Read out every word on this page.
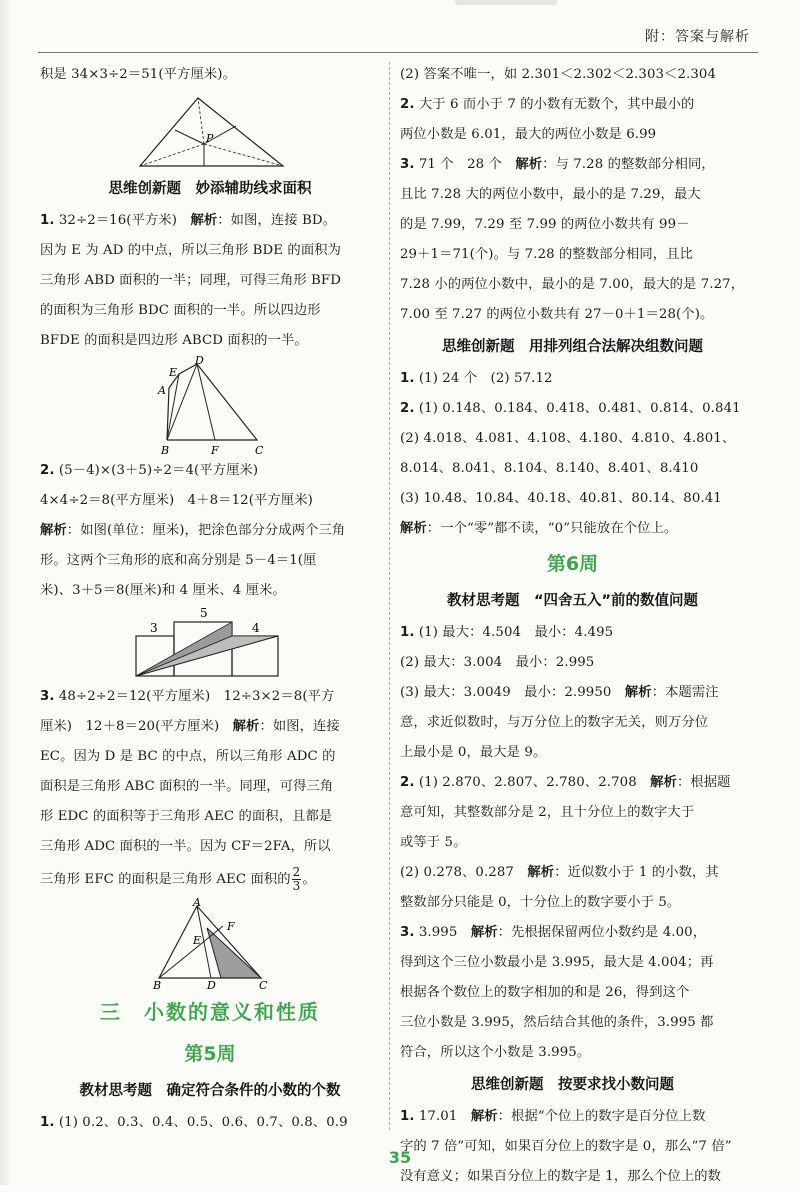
附：答案与解析
积是 34×3÷2＝51(平方厘米)。
P
思维创新题　妙添辅助线求面积
1. 32÷2＝16(平方米)　解析：如图，连接 BD。
因为 E 为 AD 的中点，所以三角形 BDE 的面积为
三角形 ABD 面积的一半；同理，可得三角形 BFD
的面积为三角形 BDC 面积的一半。所以四边形
BFDE 的面积是四边形 ABCD 面积的一半。
A
E
D
B	F	C
2. (5－4)×(3＋5)÷2＝4(平方厘米)
4×4÷2＝8(平方厘米)　4＋8＝12(平方厘米)
解析：如图(单位：厘米)，把涂色部分分成两个三角
形。这两个三角形的底和高分别是 5－4＝1(厘
米)、3＋5＝8(厘米)和 4 厘米、4 厘米。
5
3	4
3. 48÷2÷2＝12(平方厘米)　12÷3×2＝8(平方
厘米)　12＋8＝20(平方厘米)　解析：如图，连接
EC。因为 D 是 BC 的中点，所以三角形 ADC 的
面积是三角形 ABC 面积的一半。同理，可得三角
形 EDC 的面积等于三角形 AEC 的面积，且都是
三角形 ADC 面积的一半。因为 CF＝2FA，所以
三角形 EFC 的面积是三角形 AEC 面积的 $\frac{2}{3}$ 。
A
E
F
B	D	C
三　小数的意义和性质
第5周
教材思考题　确定符合条件的小数的个数
1. (1) 0.2、0.3、0.4、0.5、0.6、0.7、0.8、0.9
(2) 答案不唯一，如 2.301＜2.302＜2.303＜2.304
2. 大于 6 而小于 7 的小数有无数个，其中最小的
两位小数是 6.01，最大的两位小数是 6.99
3. 71 个　28 个　解析：与 7.28 的整数部分相同，
且比 7.28 大的两位小数中，最小的是 7.29，最大
的是 7.99，7.29 至 7.99 的两位小数共有 99－
29＋1＝71(个)。与 7.28 的整数部分相同，且比
7.28 小的两位小数中，最小的是 7.00，最大的是 7.27，
7.00 至 7.27 的两位小数共有 27－0＋1＝28(个)。
思维创新题　用排列组合法解决组数问题
1. (1) 24 个　(2) 57.12
2. (1) 0.148、0.184、0.418、0.481、0.814、0.841
(2) 4.018、4.081、4.108、4.180、4.810、4.801、
8.014、8.041、8.104、8.140、8.401、8.410
(3) 10.48、10.84、40.18、40.81、80.14、80.41
解析：一个“零”都不读，“0”只能放在个位上。
第6周
教材思考题　“四舍五入”前的数值问题
1. (1) 最大：4.504　最小：4.495
(2) 最大：3.004　最小：2.995
(3) 最大：3.0049　最小：2.9950　解析：本题需注
意，求近似数时，与万分位上的数字无关，则万分位
上最小是 0，最大是 9。
2. (1) 2.870、2.807、2.780、2.708　解析：根据题
意可知，其整数部分是 2，且十分位上的数字大于
或等于 5。
(2) 0.278、0.287　解析：近似数小于 1 的小数，其
整数部分只能是 0，十分位上的数字要小于 5。
3. 3.995　解析：先根据保留两位小数约是 4.00，
得到这个三位小数最小是 3.995，最大是 4.004；再
根据各个数位上的数字相加的和是 26，得到这个
三位小数是 3.995，然后结合其他的条件，3.995 都
符合，所以这个小数是 3.995。
思维创新题　按要求找小数问题
1. 17.01　解析：根据“个位上的数字是百分位上数
字的 7 倍”可知，如果百分位上的数字是 0，那么“7 倍”
没有意义；如果百分位上的数字是 1，那么个位上的数
35
